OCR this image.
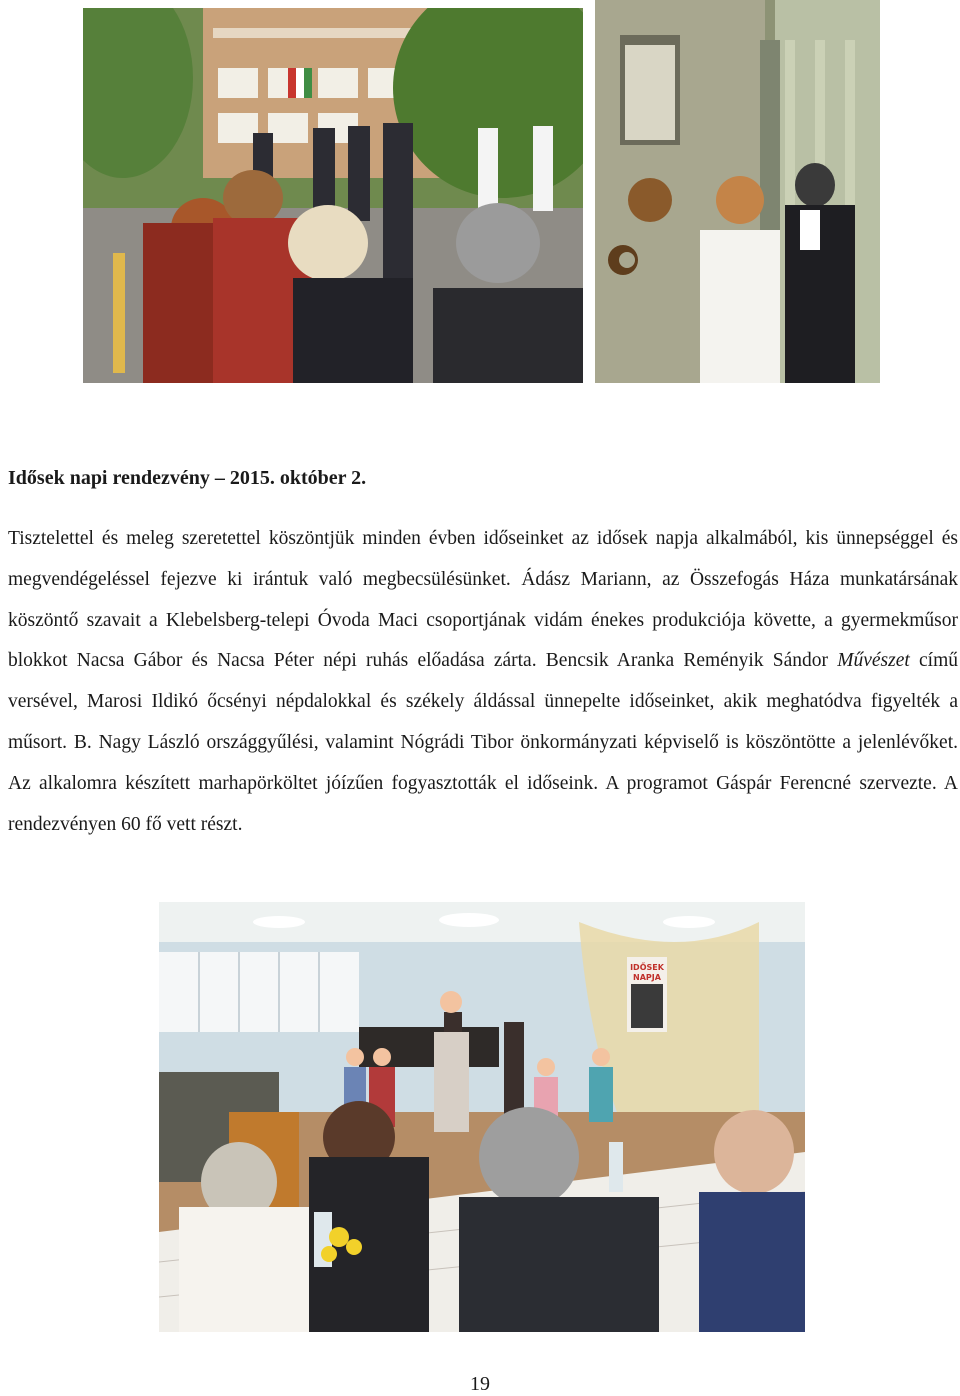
Idősek napi rendezvény – 2015. október 2.

Tisztelettel és meleg szeretettel köszöntjük minden évben időseinket az idősek napja alkalmából, kis ünnepséggel és megvendégeléssel fejezve ki irántuk való megbecsülésünket. Ádász Mariann, az Összefogás Háza munkatársának köszöntő szavait a Klebelsberg-telepi Óvoda Maci csoportjának vidám énekes produkciója követte, a gyermekműsor blokkot Nacsa Gábor és Nacsa Péter népi ruhás előadása zárta. Bencsik Aranka Reményik Sándor Művészet című versével, Marosi Ildikó őcsényi népdalokkal és székely áldással ünnepelte időseinket, akik meghatódva figyelték a műsort. B. Nagy László országgyűlési, valamint Nógrádi Tibor önkormányzati képviselő is köszöntötte a jelenlévőket. Az alkalomra készített marhapörköltet jóízűen fogyasztották el időseink. A programot Gáspár Ferencné szervezte. A rendezvényen 60 fő vett részt.

IDŐSEK
NAPJA

19
